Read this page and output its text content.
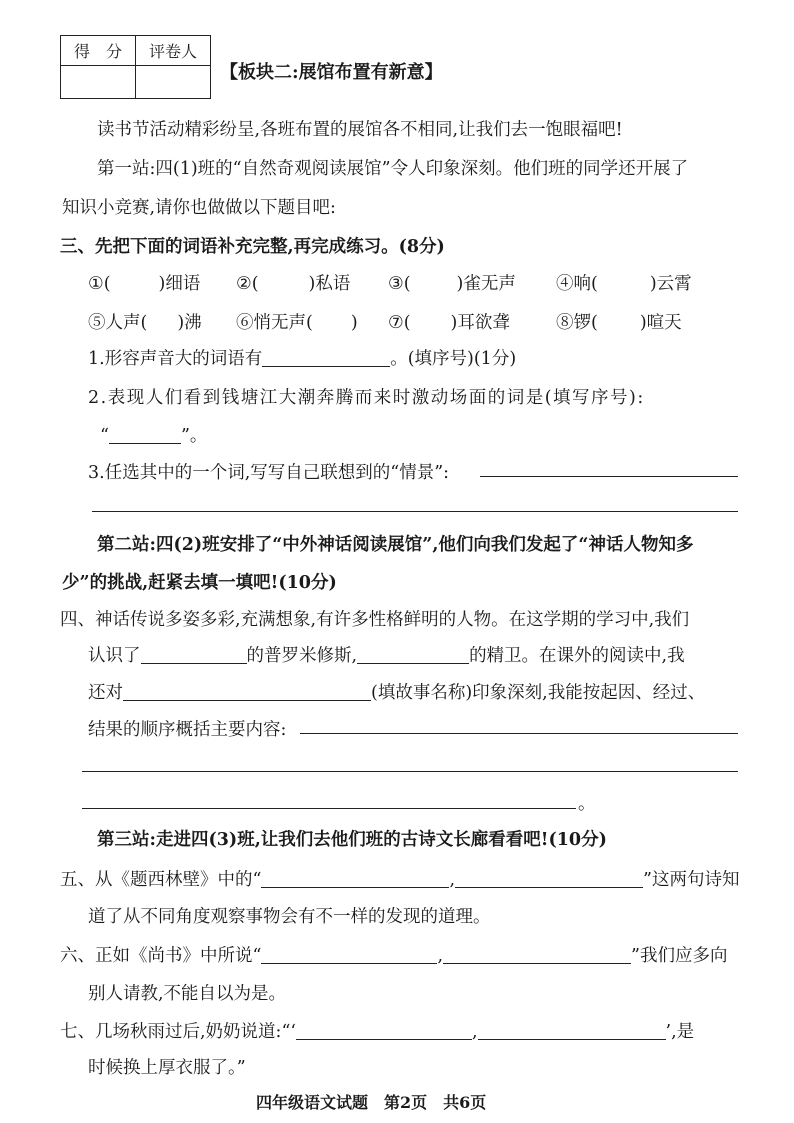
得　分	评卷人

【板块二:展馆布置有新意】
读书节活动精彩纷呈,各班布置的展馆各不相同,让我们去一饱眼福吧!
第一站:四(1)班的“自然奇观阅读展馆”令人印象深刻。他们班的同学还开展了
知识小竞赛,请你也做做以下题目吧:
三、先把下面的词语补充完整,再完成练习。(8分)
①(	)细语 ②(	)私语 ③(	)雀无声 ④响(	)云霄
⑤人声( )沸 ⑥悄无声( ) ⑦( )耳欲聋	⑧锣( )喧天
1.形容声音大的词语有	。(填序号)(1分)
2.表现人们看到钱塘江大潮奔腾而来时激动场面的词是(填写序号):
“	”。
3.任选其中的一个词,写写自己联想到的“情景”:
第二站:四(2)班安排了“中外神话阅读展馆”,他们向我们发起了“神话人物知多
少”的挑战,赶紧去填一填吧!(10分)
四、神话传说多姿多彩,充满想象,有许多性格鲜明的人物。在这学期的学习中,我们
认识了	的普罗米修斯,	的精卫。在课外的阅读中,我
还对	(填故事名称)印象深刻,我能按起因、经过、
结果的顺序概括主要内容:
。
第三站:走进四(3)班,让我们去他们班的古诗文长廊看看吧!(10分)
五、从《题西林壁》中的“	,	”这两句诗知
道了从不同角度观察事物会有不一样的发现的道理。
六、正如《尚书》中所说“	,	”我们应多向
别人请教,不能自以为是。
七、几场秋雨过后,奶奶说道:“‘	,	’,是
时候换上厚衣服了。”
四年级语文试题　第2页　共6页
